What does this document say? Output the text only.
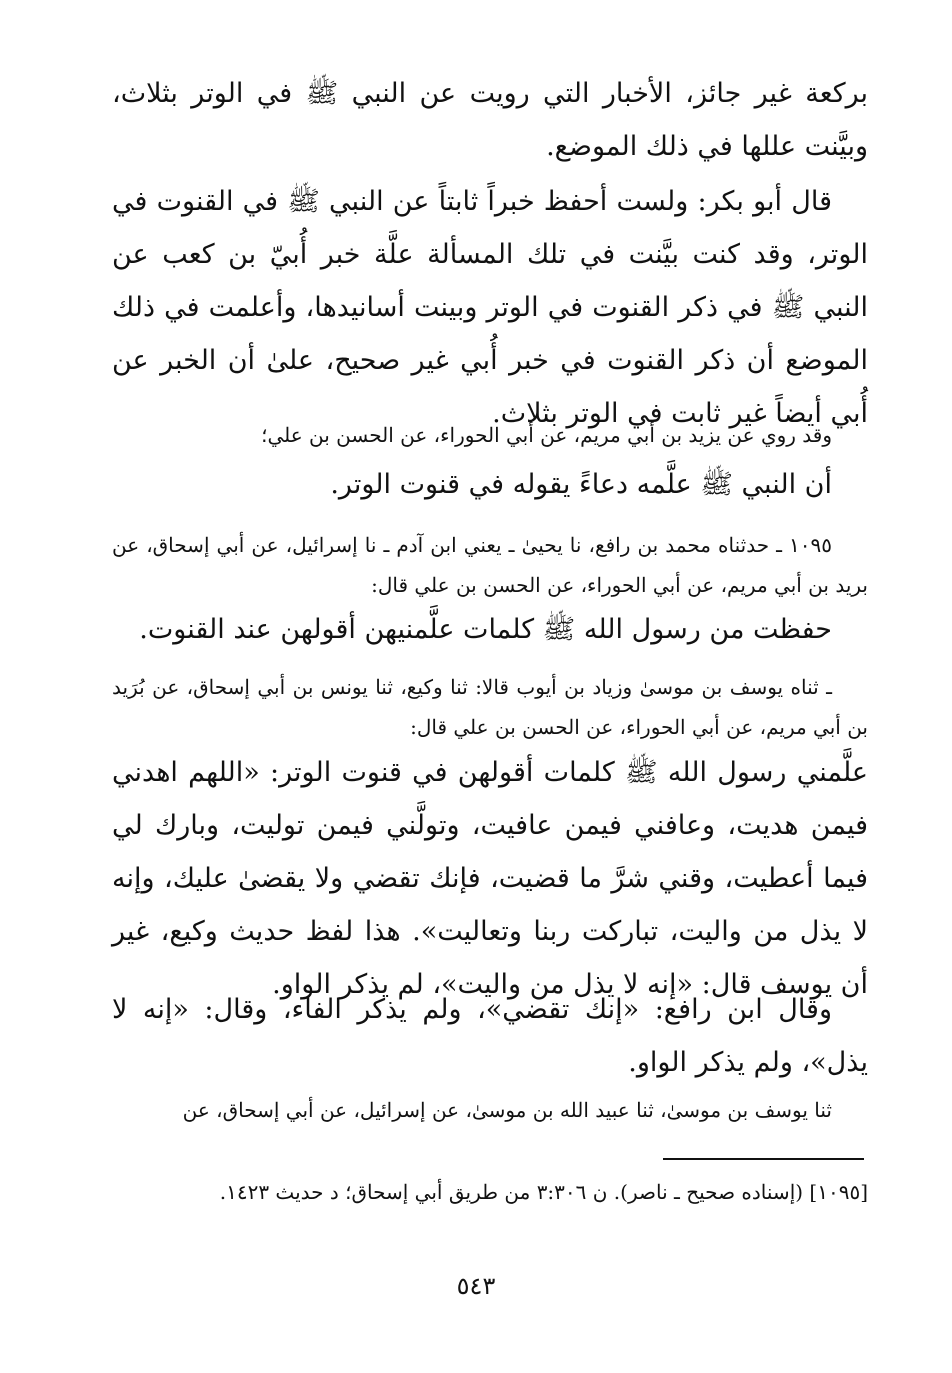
بركعة غير جائز، الأخبار التي رويت عن النبي ﷺ في الوتر بثلاث، وبيَّنت عللها في ذلك الموضع.
قال أبو بكر: ولست أحفظ خبراً ثابتاً عن النبي ﷺ في القنوت في الوتر، وقد كنت بيَّنت في تلك المسألة علَّة خبر أُبيّ بن كعب عن النبي ﷺ في ذكر القنوت في الوتر وبينت أسانيدها، وأعلمت في ذلك الموضع أن ذكر القنوت في خبر أُبي غير صحيح، علىٰ أن الخبر عن أُبي أيضاً غير ثابت في الوتر بثلاث.
وقد روي عن يزيد بن أبي مريم، عن أبي الحوراء، عن الحسن بن علي؛
أن النبي ﷺ علَّمه دعاءً يقوله في قنوت الوتر.
١٠٩٥ ـ حدثناه محمد بن رافع، نا يحيىٰ ـ يعني ابن آدم ـ نا إسرائيل، عن أبي إسحاق، عن بريد بن أبي مريم، عن أبي الحوراء، عن الحسن بن علي قال:
حفظت من رسول الله ﷺ كلمات علَّمنيهن أقولهن عند القنوت.
ـ ثناه يوسف بن موسىٰ وزياد بن أيوب قالا: ثنا وكيع، ثنا يونس بن أبي إسحاق، عن بُرَيد بن أبي مريم، عن أبي الحوراء، عن الحسن بن علي قال:
علَّمني رسول الله ﷺ كلمات أقولهن في قنوت الوتر: «اللهم اهدني فيمن هديت، وعافني فيمن عافيت، وتولَّني فيمن توليت، وبارك لي فيما أعطيت، وقني شرَّ ما قضيت، فإنك تقضي ولا يقضىٰ عليك، وإنه لا يذل من واليت، تباركت ربنا وتعاليت». هذا لفظ حديث وكيع، غير أن يوسف قال: «إنه لا يذل من واليت»، لم يذكر الواو.
وقال ابن رافع: «إنك تقضي»، ولم يذكر الفاء، وقال: «إنه لا يذل»، ولم يذكر الواو.
ثنا يوسف بن موسىٰ، ثنا عبيد الله بن موسىٰ، عن إسرائيل، عن أبي إسحاق، عن
[١٠٩٥] (إسناده صحيح ـ ناصر). ن ٣:٣٠٦ من طريق أبي إسحاق؛ د حديث ١٤٢٣.
٥٤٣
